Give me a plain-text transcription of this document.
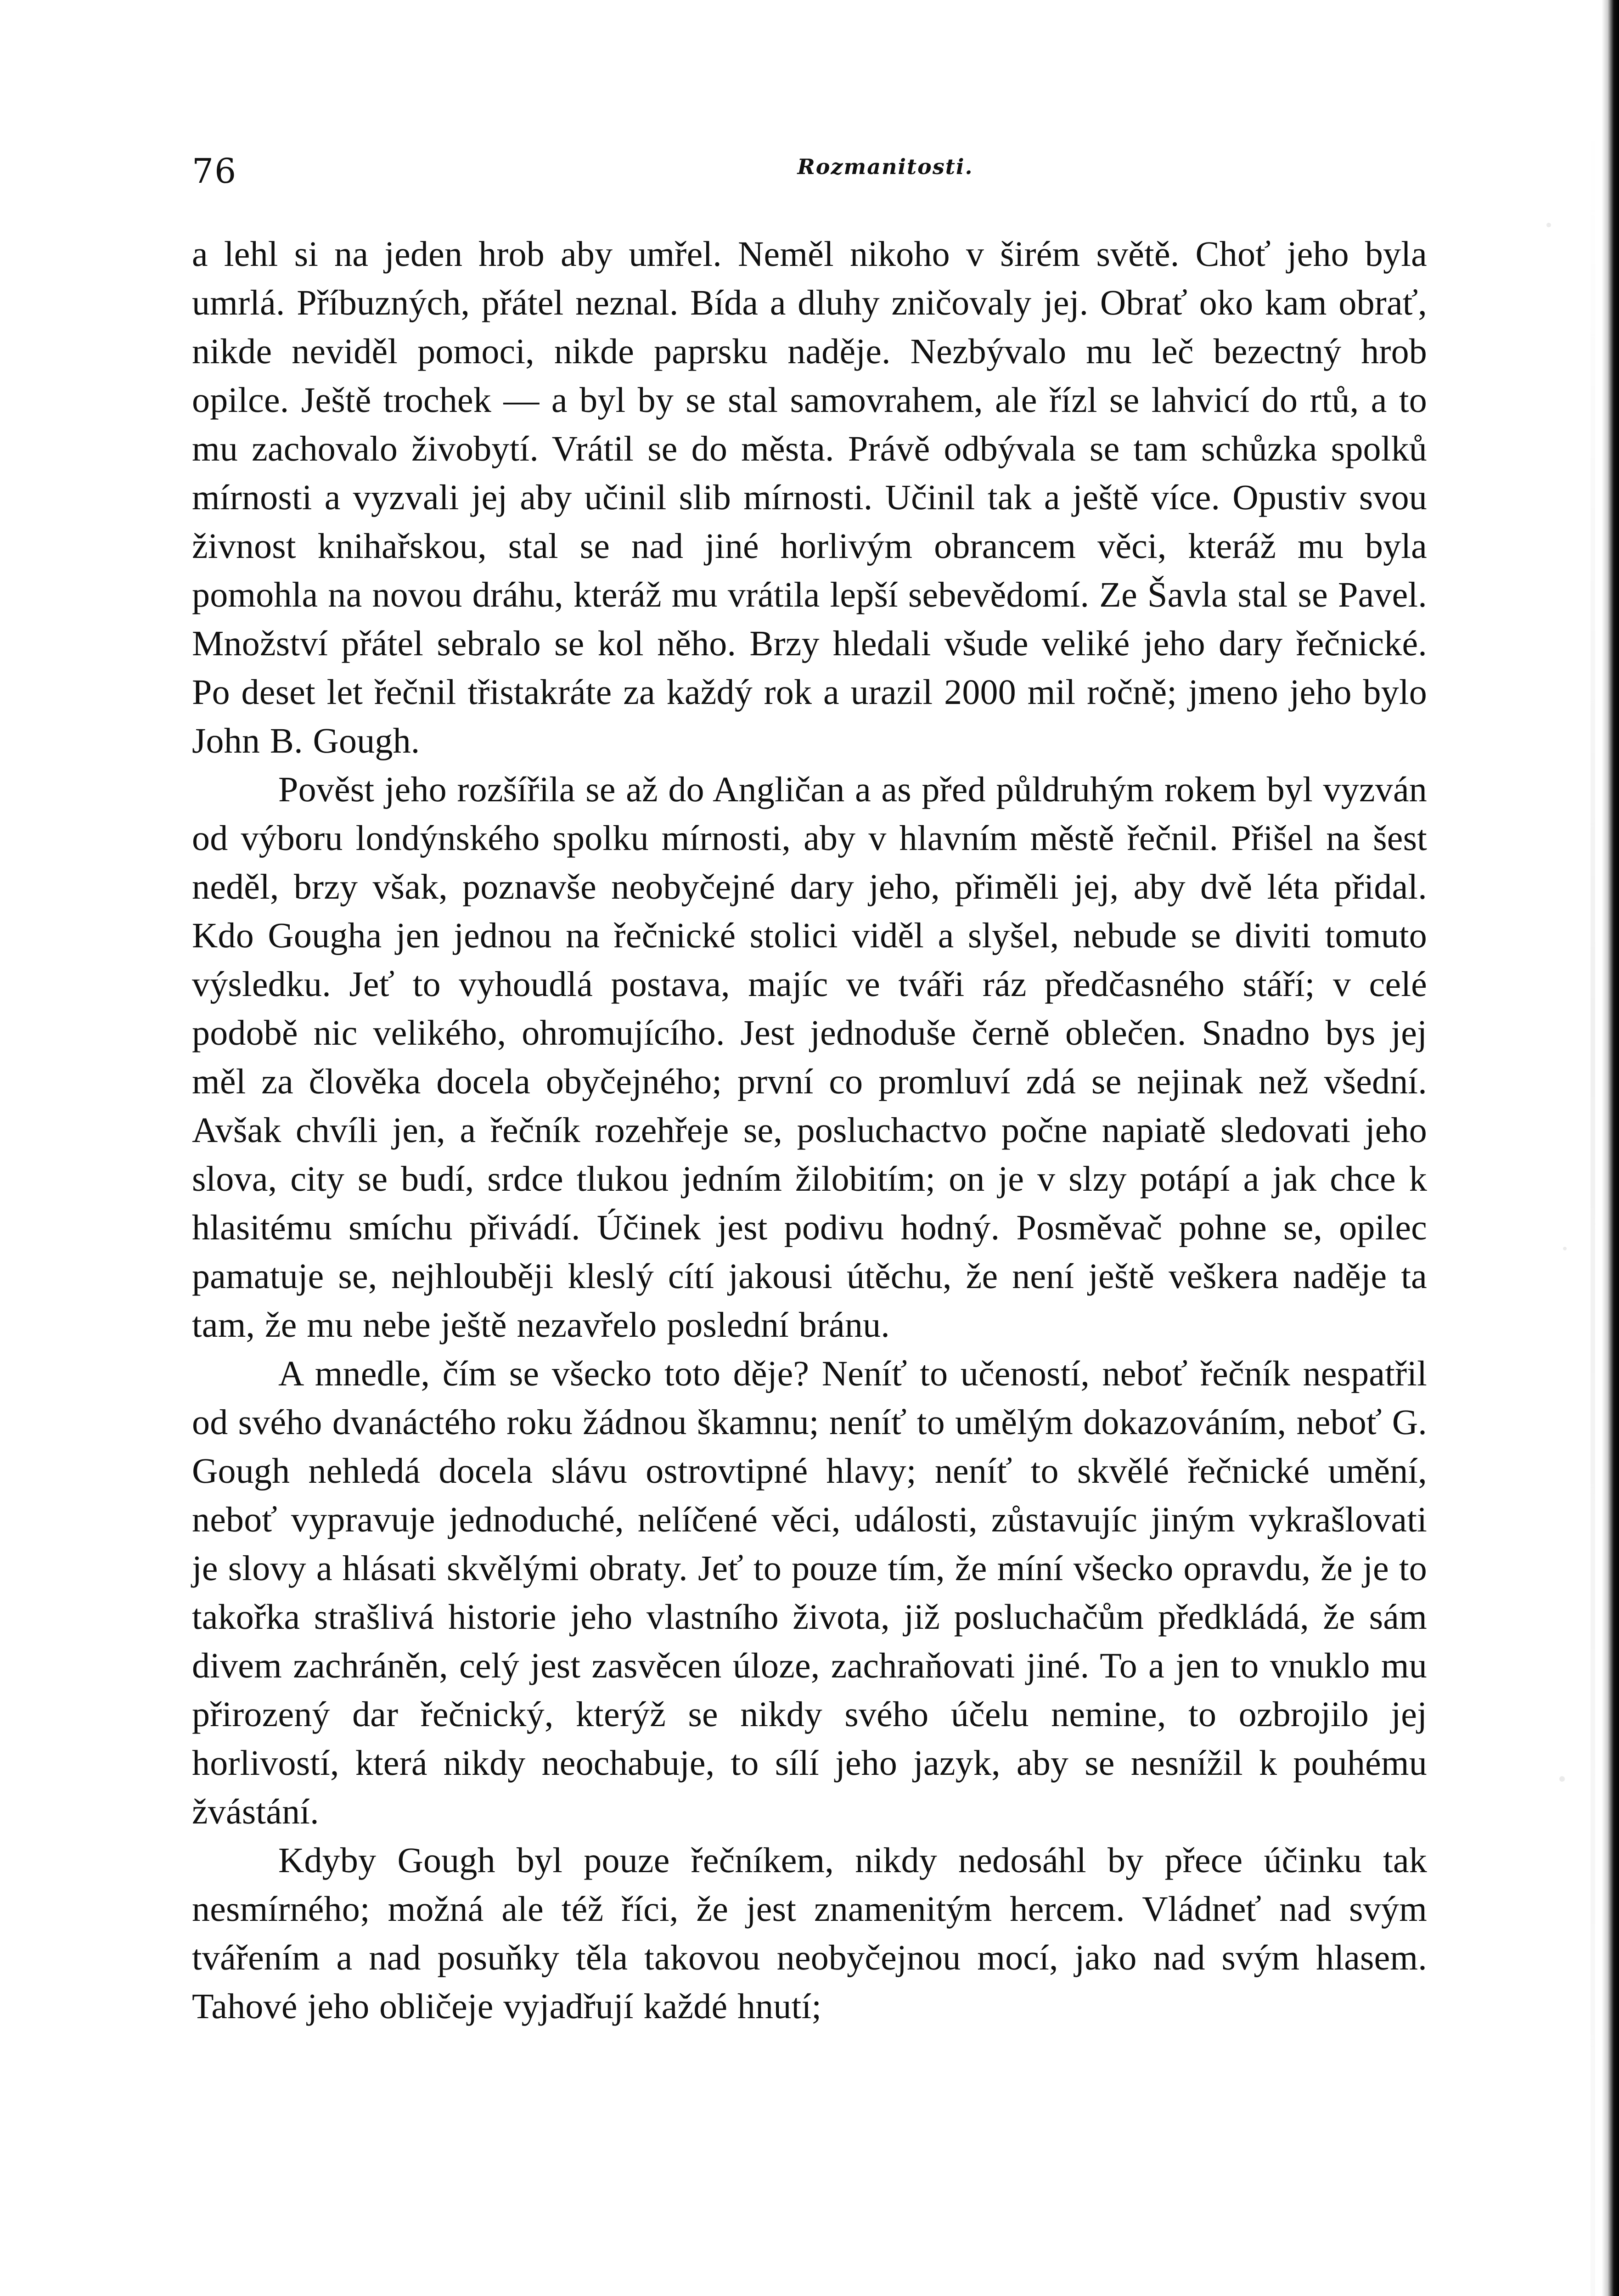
76	Rozmanitosti.

a lehl si na jeden hrob aby umřel. Neměl nikoho v širém světě. Choť jeho byla umrlá. Příbuzných, přátel neznal. Bída a dluhy zničovaly jej. Obrať oko kam obrať, nikde neviděl pomoci, nikde paprsku naděje. Nezbývalo mu leč bezectný hrob opilce. Ještě trochek — a byl by se stal samovrahem, ale řízl se lahvicí do rtů, a to mu zachovalo živobytí. Vrátil se do města. Právě odbývala se tam schůzka spolků mírnosti a vyzvali jej aby učinil slib mírnosti. Učinil tak a ještě více. Opustiv svou živnost knihařskou, stal se nad jiné horlivým obrancem věci, kteráž mu byla pomohla na novou dráhu, kteráž mu vrátila lepší sebevědomí. Ze Šavla stal se Pavel. Množství přátel sebralo se kol něho. Brzy hledali všude veliké jeho dary řečnické. Po deset let řečnil třistakráte za každý rok a urazil 2000 mil ročně; jmeno jeho bylo John B. Gough.

Pověst jeho rozšířila se až do Angličan a as před půldruhým rokem byl vyzván od výboru londýnského spolku mírnosti, aby v hlavním městě řečnil. Přišel na šest neděl, brzy však, poznavše neobyčejné dary jeho, přiměli jej, aby dvě léta přidal. Kdo Gougha jen jednou na řečnické stolici viděl a slyšel, nebude se diviti tomuto výsledku. Jeť to vyhoudlá postava, majíc ve tváři ráz předčasného stáří; v celé podobě nic velikého, ohromujícího. Jest jednoduše černě oblečen. Snadno bys jej měl za člověka docela obyčejného; první co promluví zdá se nejinak než všední. Avšak chvíli jen, a řečník rozehřeje se, posluchactvo počne napiatě sledovati jeho slova, city se budí, srdce tlukou jedním žilobitím; on je v slzy potápí a jak chce k hlasitému smíchu přivádí. Účinek jest podivu hodný. Posměvač pohne se, opilec pamatuje se, nejhlouběji kleslý cítí jakousi útěchu, že není ještě veškera naděje ta tam, že mu nebe ještě nezavřelo poslední bránu.

A mnedle, čím se všecko toto děje? Neníť to učeností, neboť řečník nespatřil od svého dvanáctého roku žádnou škamnu; neníť to umělým dokazováním, neboť G. Gough nehledá docela slávu ostrovtipné hlavy; neníť to skvělé řečnické umění, neboť vypravuje jednoduché, nelíčené věci, události, zůstavujíc jiným vykrašlovati je slovy a hlásati skvělými obraty. Jeť to pouze tím, že míní všecko opravdu, že je to takořka strašlivá historie jeho vlastního života, již posluchačům předkládá, že sám divem zachráněn, celý jest zasvěcen úloze, zachraňovati jiné. To a jen to vnuklo mu přirozený dar řečnický, kterýž se nikdy svého účelu nemine, to ozbrojilo jej horlivostí, která nikdy neochabuje, to sílí jeho jazyk, aby se nesnížil k pouhému žvástání.

Kdyby Gough byl pouze řečníkem, nikdy nedosáhl by přece účinku tak nesmírného; možná ale též říci, že jest znamenitým hercem. Vládneť nad svým tvářením a nad posuňky těla takovou neobyčejnou mocí, jako nad svým hlasem. Tahové jeho obličeje vyjadřují každé hnutí;
